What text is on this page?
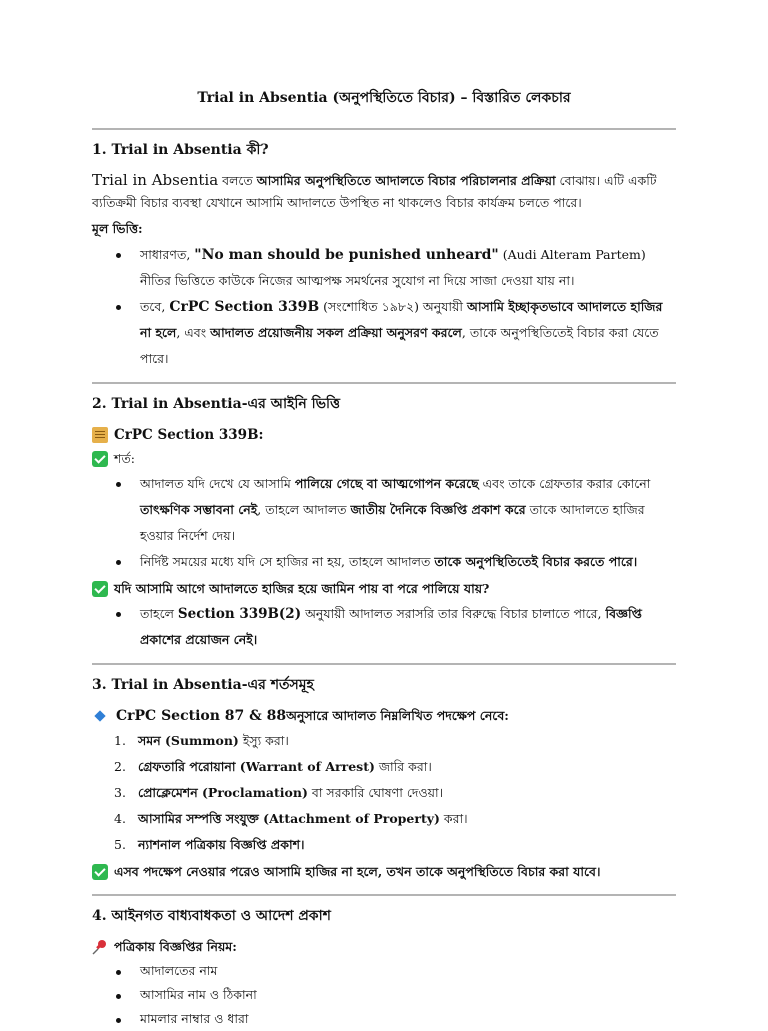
Trial in Absentia (অনুপস্থিতিতে বিচার) – বিস্তারিত লেকচার
1. Trial in Absentia কী?

Trial in Absentia বলতে আসামির অনুপস্থিতিতে আদালতে বিচার পরিচালনার প্রক্রিয়া বোঝায়। এটি একটি ব্যতিক্রমী বিচার ব্যবস্থা যেখানে আসামি আদালতে উপস্থিত না থাকলেও বিচার কার্যক্রম চলতে পারে।

মূল ভিত্তি:
সাধারণত, "No man should be punished unheard" (Audi Alteram Partem) নীতির ভিত্তিতে কাউকে নিজের আত্মপক্ষ সমর্থনের সুযোগ না দিয়ে সাজা দেওয়া যায় না।
তবে, CrPC Section 339B (সংশোধিত ১৯৮২) অনুযায়ী আসামি ইচ্ছাকৃতভাবে আদালতে হাজির না হলে, এবং আদালত প্রয়োজনীয় সকল প্রক্রিয়া অনুসরণ করলে, তাকে অনুপস্থিতিতেই বিচার করা যেতে পারে।
2. Trial in Absentia-এর আইনি ভিত্তি
CrPC Section 339B:
শর্ত:
আদালত যদি দেখে যে আসামি পালিয়ে গেছে বা আত্মগোপন করেছে এবং তাকে গ্রেফতার করার কোনো তাৎক্ষণিক সম্ভাবনা নেই, তাহলে আদালত জাতীয় দৈনিকে বিজ্ঞপ্তি প্রকাশ করে তাকে আদালতে হাজির হওয়ার নির্দেশ দেয়।
নির্দিষ্ট সময়ের মধ্যে যদি সে হাজির না হয়, তাহলে আদালত তাকে অনুপস্থিতিতেই বিচার করতে পারে।
যদি আসামি আগে আদালতে হাজির হয়ে জামিন পায় বা পরে পালিয়ে যায়?
তাহলে Section 339B(2) অনুযায়ী আদালত সরাসরি তার বিরুদ্ধে বিচার চালাতে পারে, বিজ্ঞপ্তি প্রকাশের প্রয়োজন নেই।
3. Trial in Absentia-এর শর্তসমূহ
CrPC Section 87 & 88 অনুসারে আদালত নিম্নলিখিত পদক্ষেপ নেবে:
1. সমন (Summon) ইস্যু করা।
2. গ্রেফতারি পরোয়ানা (Warrant of Arrest) জারি করা।
3. প্রোক্লেমেশন (Proclamation) বা সরকারি ঘোষণা দেওয়া।
4. আসামির সম্পত্তি সংযুক্ত (Attachment of Property) করা।
5. ন্যাশনাল পত্রিকায় বিজ্ঞপ্তি প্রকাশ।
এসব পদক্ষেপ নেওয়ার পরেও আসামি হাজির না হলে, তখন তাকে অনুপস্থিতিতে বিচার করা যাবে।
4. আইনগত বাধ্যবাধকতা ও আদেশ প্রকাশ
পত্রিকায় বিজ্ঞপ্তির নিয়ম:
আদালতের নাম
আসামির নাম ও ঠিকানা
মামলার নাম্বার ও ধারা
